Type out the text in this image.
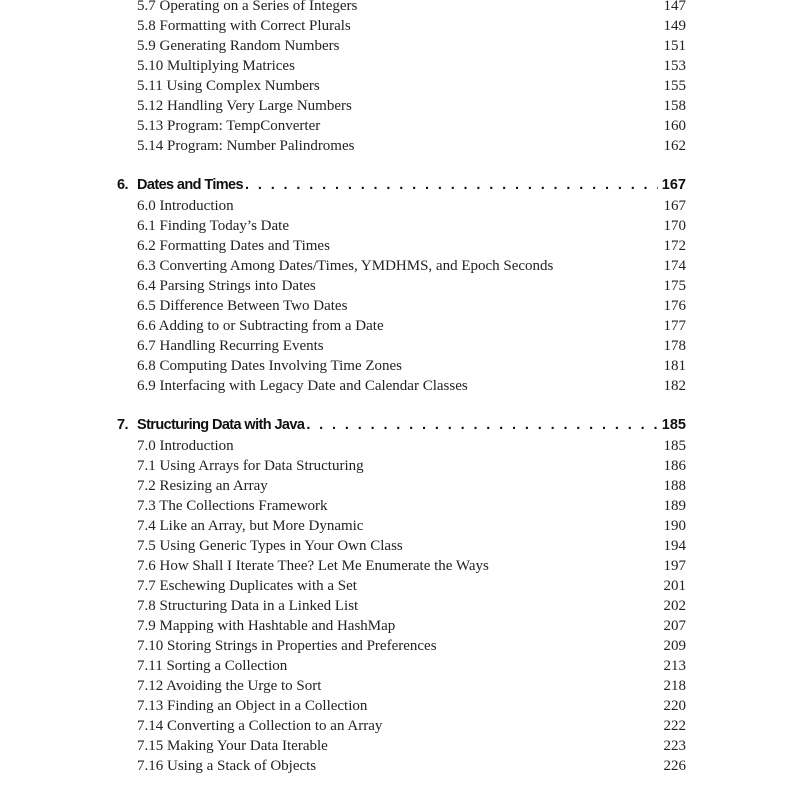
5.7 Operating on a Series of Integers	147
5.8 Formatting with Correct Plurals	149
5.9 Generating Random Numbers	151
5.10 Multiplying Matrices	153
5.11 Using Complex Numbers	155
5.12 Handling Very Large Numbers	158
5.13 Program: TempConverter	160
5.14 Program: Number Palindromes	162
6. Dates and Times . . .	167
6.0 Introduction	167
6.1 Finding Today’s Date	170
6.2 Formatting Dates and Times	172
6.3 Converting Among Dates/Times, YMDHMS, and Epoch Seconds	174
6.4 Parsing Strings into Dates	175
6.5 Difference Between Two Dates	176
6.6 Adding to or Subtracting from a Date	177
6.7 Handling Recurring Events	178
6.8 Computing Dates Involving Time Zones	181
6.9 Interfacing with Legacy Date and Calendar Classes	182
7. Structuring Data with Java . . .	185
7.0 Introduction	185
7.1 Using Arrays for Data Structuring	186
7.2 Resizing an Array	188
7.3 The Collections Framework	189
7.4 Like an Array, but More Dynamic	190
7.5 Using Generic Types in Your Own Class	194
7.6 How Shall I Iterate Thee? Let Me Enumerate the Ways	197
7.7 Eschewing Duplicates with a Set	201
7.8 Structuring Data in a Linked List	202
7.9 Mapping with Hashtable and HashMap	207
7.10 Storing Strings in Properties and Preferences	209
7.11 Sorting a Collection	213
7.12 Avoiding the Urge to Sort	218
7.13 Finding an Object in a Collection	220
7.14 Converting a Collection to an Array	222
7.15 Making Your Data Iterable	223
7.16 Using a Stack of Objects	226
